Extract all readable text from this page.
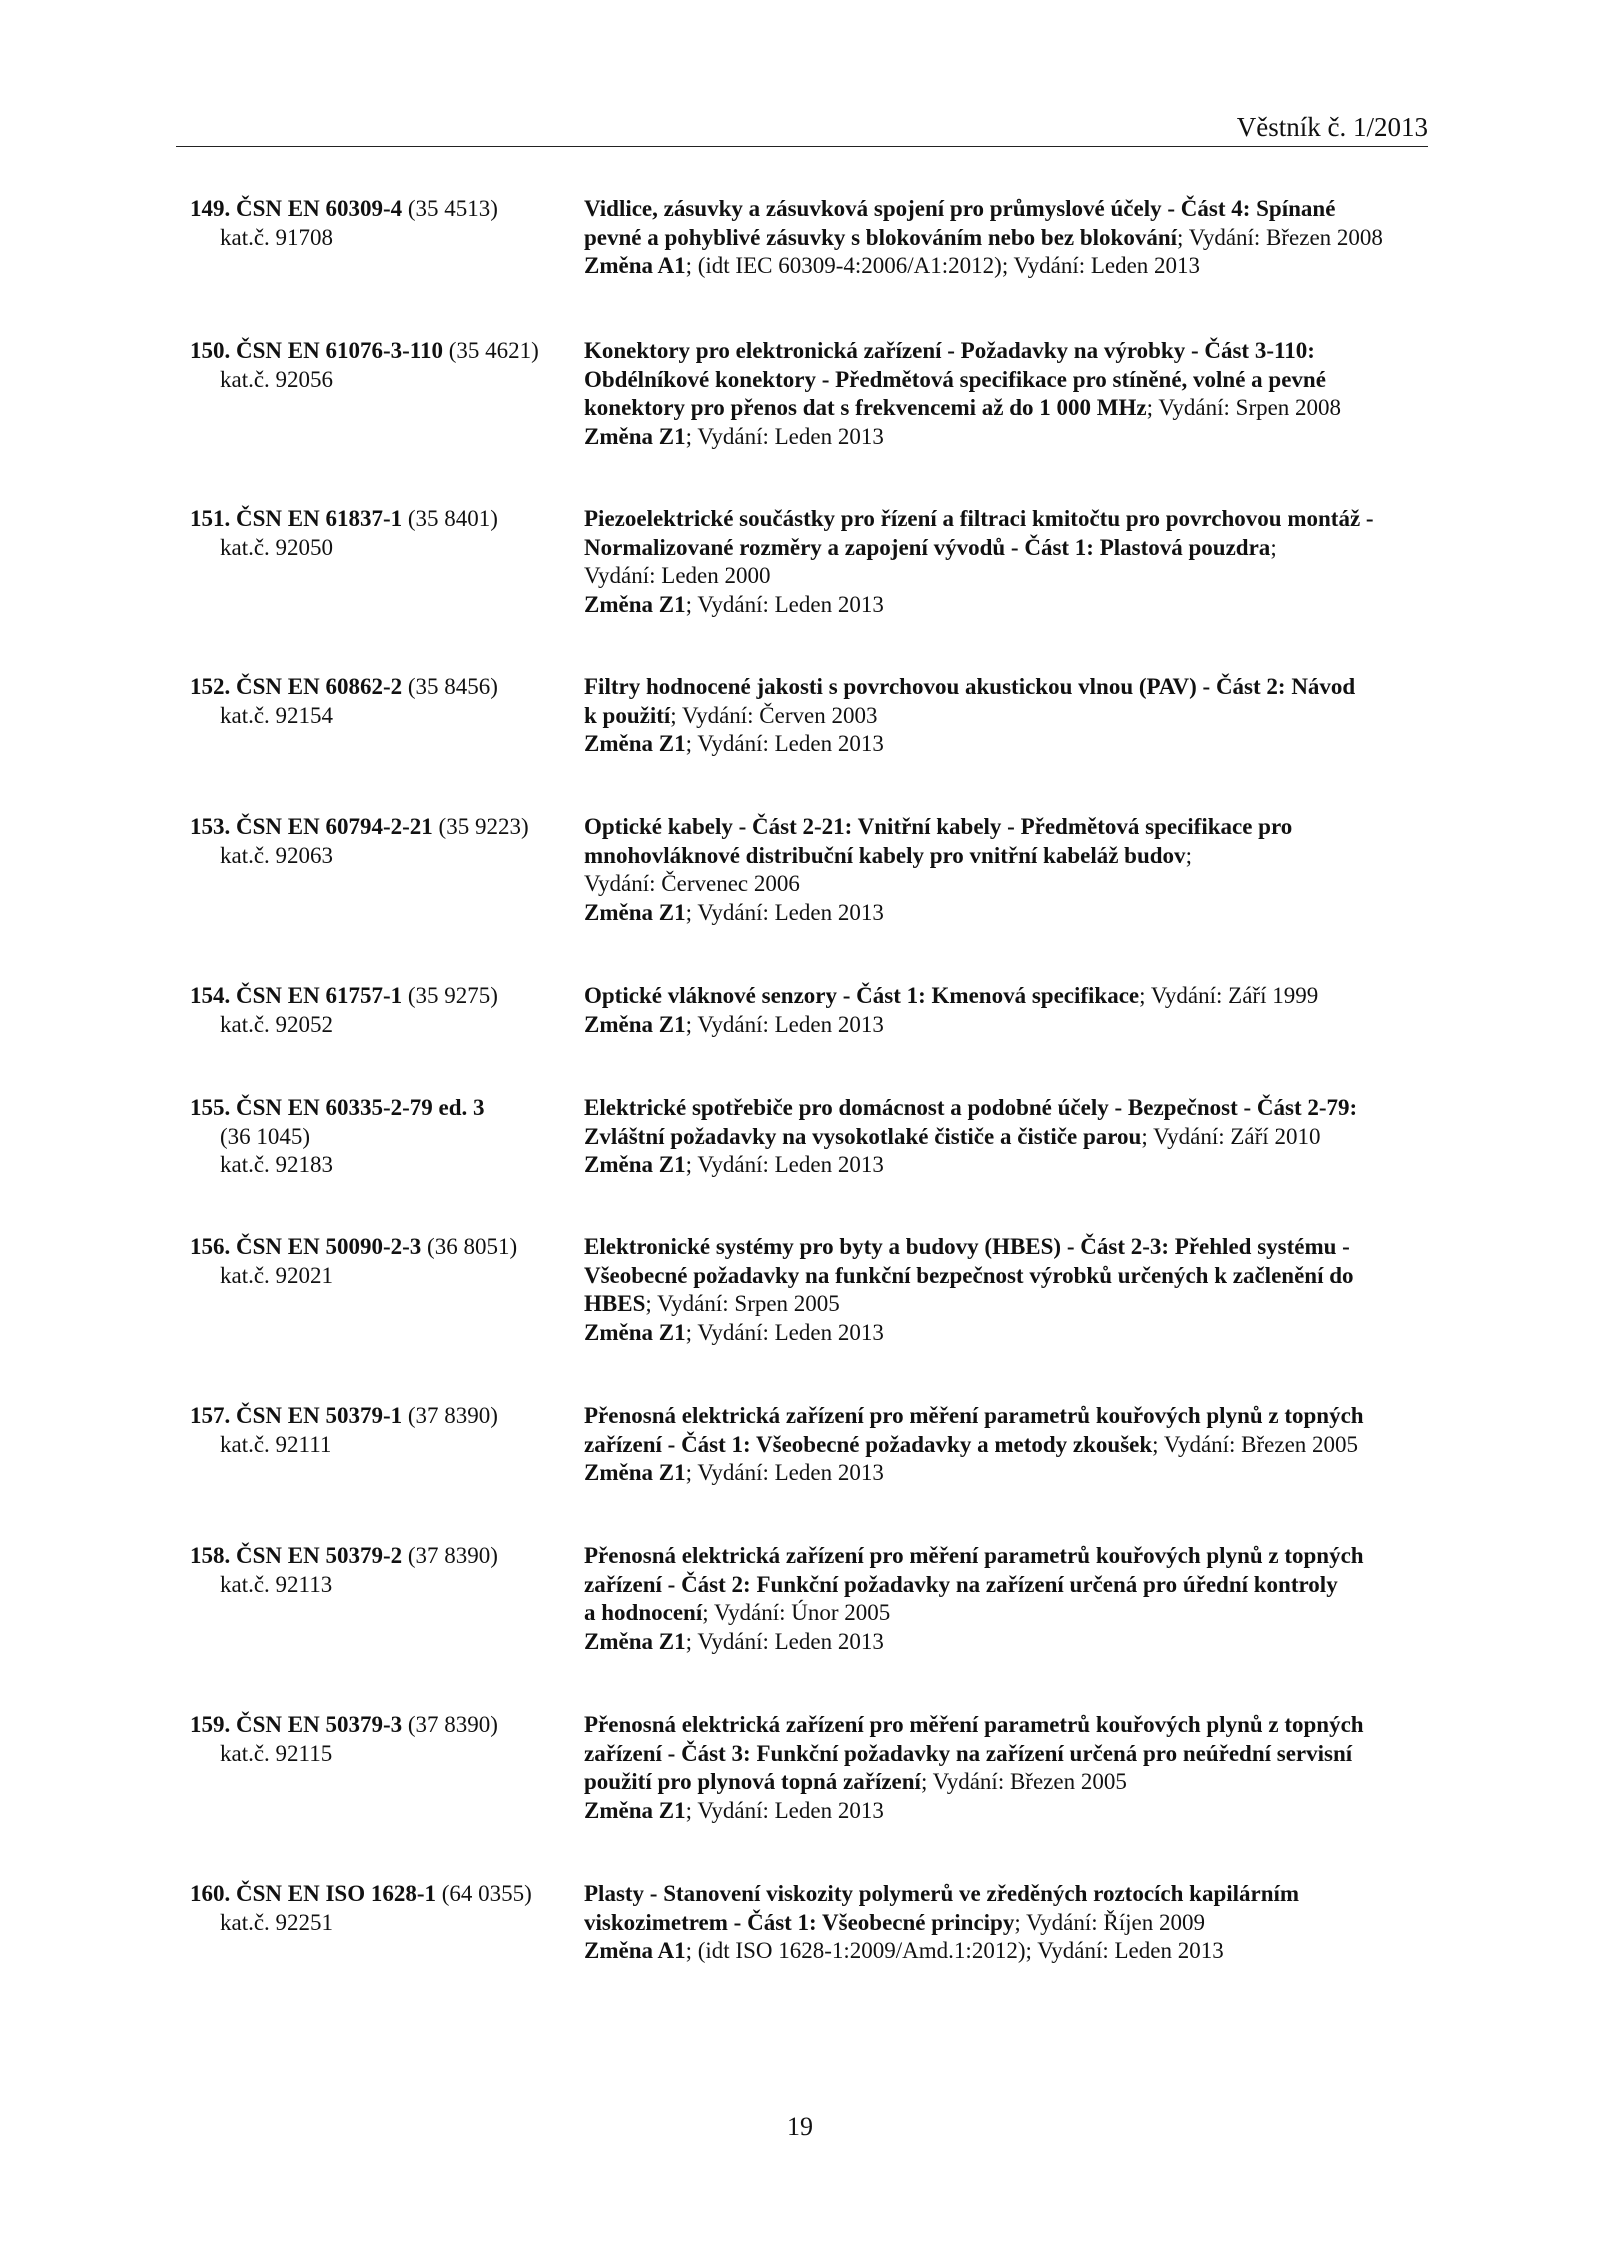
Věstník č. 1/2013
149. ČSN EN 60309-4 (35 4513)
kat.č. 91708
Vidlice, zásuvky a zásuvková spojení pro průmyslové účely - Část 4: Spínané
pevné a pohyblivé zásuvky s blokováním nebo bez blokování; Vydání: Březen 2008
Změna A1; (idt IEC 60309-4:2006/A1:2012); Vydání: Leden 2013
150. ČSN EN 61076-3-110 (35 4621)
kat.č. 92056
Konektory pro elektronická zařízení - Požadavky na výrobky - Část 3-110:
Obdélníkové konektory - Předmětová specifikace pro stíněné, volné a pevné
konektory pro přenos dat s frekvencemi až do 1 000 MHz; Vydání: Srpen 2008
Změna Z1; Vydání: Leden 2013
151. ČSN EN 61837-1 (35 8401)
kat.č. 92050
Piezoelektrické součástky pro řízení a filtraci kmitočtu pro povrchovou montáž -
Normalizované rozměry a zapojení vývodů - Část 1: Plastová pouzdra;
Vydání: Leden 2000
Změna Z1; Vydání: Leden 2013
152. ČSN EN 60862-2 (35 8456)
kat.č. 92154
Filtry hodnocené jakosti s povrchovou akustickou vlnou (PAV) - Část 2: Návod
k použití; Vydání: Červen 2003
Změna Z1; Vydání: Leden 2013
153. ČSN EN 60794-2-21 (35 9223)
kat.č. 92063
Optické kabely - Část 2-21: Vnitřní kabely - Předmětová specifikace pro
mnohovláknové distribuční kabely pro vnitřní kabeláž budov;
Vydání: Červenec 2006
Změna Z1; Vydání: Leden 2013
154. ČSN EN 61757-1 (35 9275)
kat.č. 92052
Optické vláknové senzory - Část 1: Kmenová specifikace; Vydání: Září 1999
Změna Z1; Vydání: Leden 2013
155. ČSN EN 60335-2-79 ed. 3
(36 1045)
kat.č. 92183
Elektrické spotřebiče pro domácnost a podobné účely - Bezpečnost - Část 2-79:
Zvláštní požadavky na vysokotlaké čističe a čističe parou; Vydání: Září 2010
Změna Z1; Vydání: Leden 2013
156. ČSN EN 50090-2-3 (36 8051)
kat.č. 92021
Elektronické systémy pro byty a budovy (HBES) - Část 2-3: Přehled systému -
Všeobecné požadavky na funkční bezpečnost výrobků určených k začlenění do
HBES; Vydání: Srpen 2005
Změna Z1; Vydání: Leden 2013
157. ČSN EN 50379-1 (37 8390)
kat.č. 92111
Přenosná elektrická zařízení pro měření parametrů kouřových plynů z topných
zařízení - Část 1: Všeobecné požadavky a metody zkoušek; Vydání: Březen 2005
Změna Z1; Vydání: Leden 2013
158. ČSN EN 50379-2 (37 8390)
kat.č. 92113
Přenosná elektrická zařízení pro měření parametrů kouřových plynů z topných
zařízení - Část 2: Funkční požadavky na zařízení určená pro úřední kontroly
a hodnocení; Vydání: Únor 2005
Změna Z1; Vydání: Leden 2013
159. ČSN EN 50379-3 (37 8390)
kat.č. 92115
Přenosná elektrická zařízení pro měření parametrů kouřových plynů z topných
zařízení - Část 3: Funkční požadavky na zařízení určená pro neúřední servisní
použití pro plynová topná zařízení; Vydání: Březen 2005
Změna Z1; Vydání: Leden 2013
160. ČSN EN ISO 1628-1 (64 0355)
kat.č. 92251
Plasty - Stanovení viskozity polymerů ve zředěných roztocích kapilárním
viskozimetrem - Část 1: Všeobecné principy; Vydání: Říjen 2009
Změna A1; (idt ISO 1628-1:2009/Amd.1:2012); Vydání: Leden 2013
19
